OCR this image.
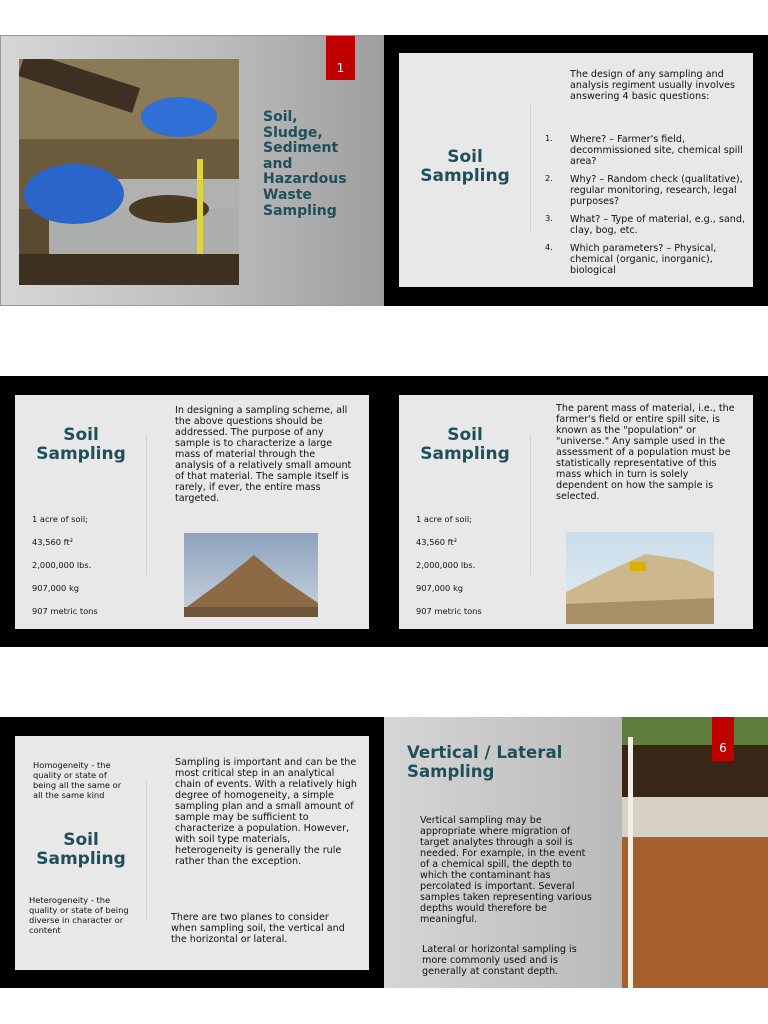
1
Soil,
Sludge,
Sediment
and
Hazardous
Waste
Sampling
Soil
Sampling
The design of any sampling and analysis regiment usually involves answering 4 basic questions:
1. Where? – Farmer's field, decommissioned site, chemical spill area?
2. Why? – Random check (qualitative), regular monitoring, research, legal purposes?
3. What? – Type of material, e.g., sand, clay, bog, etc.
4. Which parameters? – Physical, chemical (organic, inorganic), biological
Soil
Sampling
1 acre of soil;
43,560 ft²
2,000,000 lbs.
907,000 kg
907 metric tons
In designing a sampling scheme, all the above questions should be addressed. The purpose of any sample is to characterize a large mass of material through the analysis of a relatively small amount of that material. The sample itself is rarely, if ever, the entire mass targeted.
Soil
Sampling
1 acre of soil;
43,560 ft²
2,000,000 lbs.
907,000 kg
907 metric tons
The parent mass of material, i.e., the farmer's field or entire spill site, is known as the "population" or "universe." Any sample used in the assessment of a population must be statistically representative of this mass which in turn is solely dependent on how the sample is selected.
Homogeneity - the quality or state of being all the same or all the same kind
Soil
Sampling
Heterogeneity - the quality or state of being diverse in character or content
Sampling is important and can be the most critical step in an analytical chain of events. With a relatively high degree of homogeneity, a simple sampling plan and a small amount of sample may be sufficient to characterize a population. However, with soil type materials, heterogeneity is generally the rule rather than the exception.
There are two planes to consider when sampling soil, the vertical and the horizontal or lateral.
Vertical / Lateral
Sampling
Vertical sampling may be appropriate where migration of target analytes through a soil is needed. For example, in the event of a chemical spill, the depth to which the contaminant has percolated is important. Several samples taken representing various depths would therefore be meaningful.
Lateral or horizontal sampling is more commonly used and is generally at constant depth.
6
